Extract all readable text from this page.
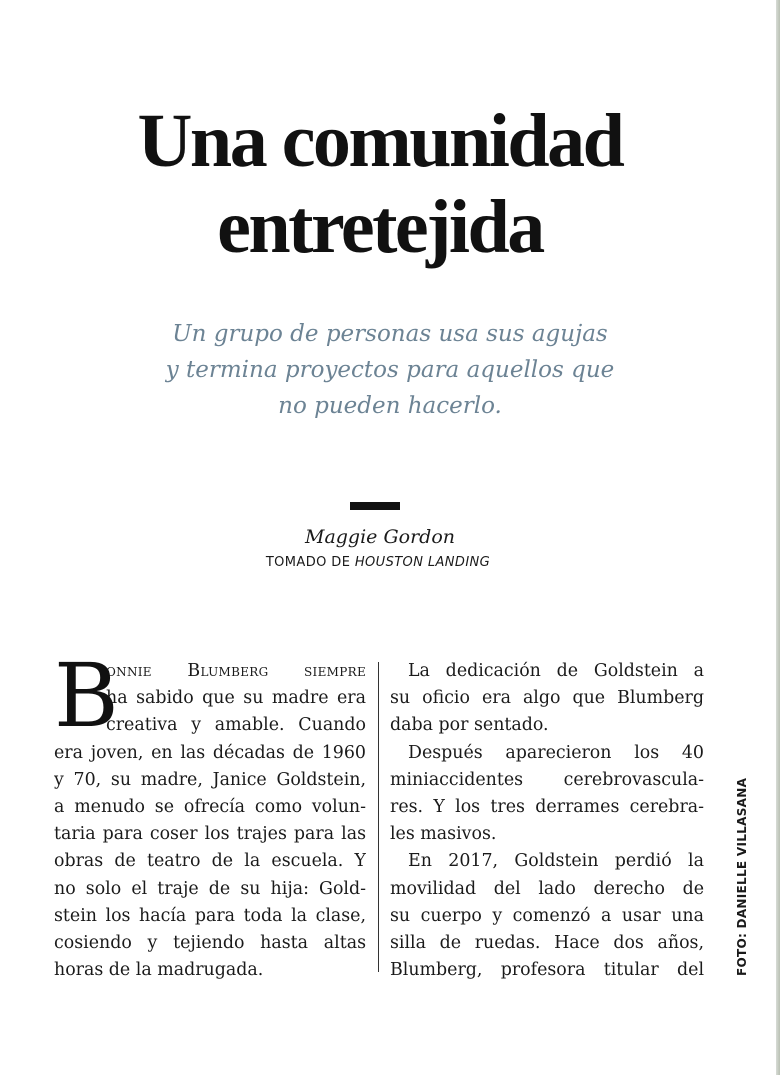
Una comunidad
entretejida

Un grupo de personas usa sus agujas
y termina proyectos para aquellos que
no pueden hacerlo.

Maggie Gordon
TOMADO DE HOUSTON LANDING
B
onnie Blumberg siempre
ha sabido que su madre era
creativa y amable. Cuando
era joven, en las décadas de 1960
y 70, su madre, Janice Goldstein,
a menudo se ofrecía como volun-
taria para coser los trajes para las
obras de teatro de la escuela. Y
no solo el traje de su hija: Gold-
stein los hacía para toda la clase,
cosiendo y tejiendo hasta altas
horas de la madrugada.
La dedicación de Goldstein a
su oficio era algo que Blumberg
daba por sentado.
Después aparecieron los 40
miniaccidentes cerebrovascula-
res. Y los tres derrames cerebra-
les masivos.
En 2017, Goldstein perdió la
movilidad del lado derecho de
su cuerpo y comenzó a usar una
silla de ruedas. Hace dos años,
Blumberg, profesora titular del	FOTO: DANIELLE VILLASANA
